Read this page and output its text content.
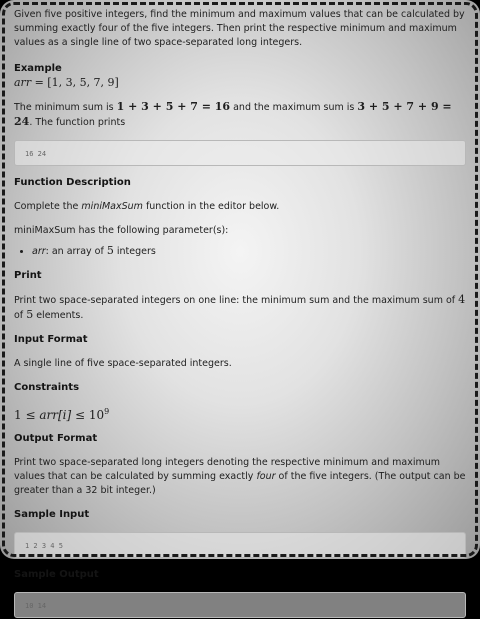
Given five positive integers, find the minimum and maximum values that can be calculated by summing exactly four of the five integers. Then print the respective minimum and maximum values as a single line of two space-separated long integers.

Example
arr = [1, 3, 5, 7, 9]

The minimum sum is 1 + 3 + 5 + 7 = 16 and the maximum sum is 3 + 5 + 7 + 9 = 24. The function prints

16 24
Function Description

Complete the miniMaxSum function in the editor below.

miniMaxSum has the following parameter(s):

• arr: an array of 5 integers
Print

Print two space-separated integers on one line: the minimum sum and the maximum sum of 4 of 5 elements.

Input Format

A single line of five space-separated integers.

Constraints
$1 \le arr[i] \le 10^9$
Output Format

Print two space-separated long integers denoting the respective minimum and maximum values that can be calculated by summing exactly four of the five integers. (The output can be greater than a 32 bit integer.)

Sample Input
1 2 3 4 5
Sample Output
10 14
